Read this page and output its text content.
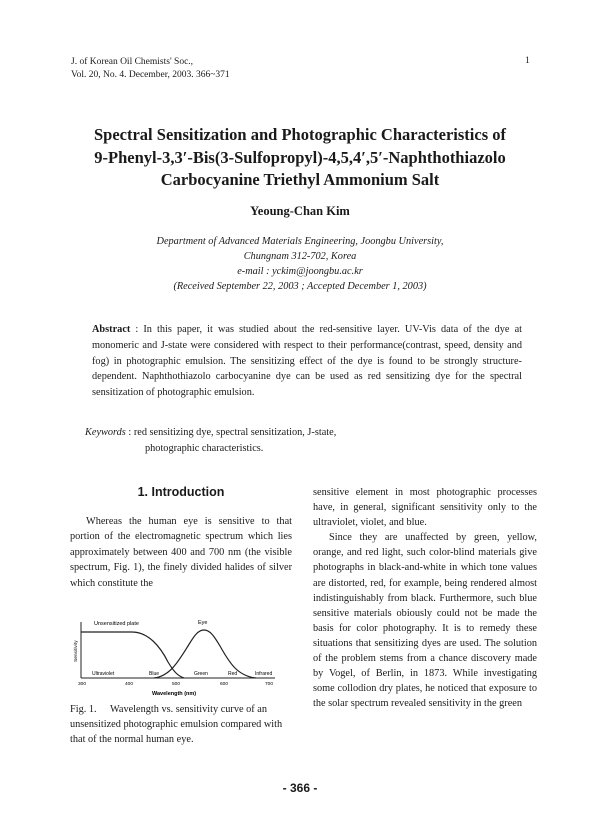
J. of Korean Oil Chemists' Soc.,
Vol. 20, No. 4. December, 2003. 366~371
1
Spectral Sensitization and Photographic Characteristics of
9-Phenyl-3,3′-Bis(3-Sulfopropyl)-4,5,4′,5′-Naphthothiazolo
Carbocyanine Triethyl Ammonium Salt
Yeoung-Chan Kim
Department of Advanced Materials Engineering, Joongbu University,
Chungnam 312-702, Korea
e-mail : yckim@joongbu.ac.kr
(Received September 22, 2003 ; Accepted December 1, 2003)
Abstract : In this paper, it was studied about the red-sensitive layer. UV-Vis data of the dye at monomeric and J-state were considered with respect to their performance(contrast, speed, density and fog) in photographic emulsion. The sensitizing effect of the dye is found to be strongly structure-dependent. Naphthothiazolo carbocyanine dye can be used as red sensitizing dye for the spectral sensitization of photographic emulsion.
Keywords : red sensitizing dye, spectral sensitization, J-state,
photographic characteristics.
1. Introduction

Whereas the human eye is sensitive to that portion of the electromagnetic spectrum which lies approximately between 400 and 700 nm (the visible spectrum, Fig. 1), the finely divided halides of silver which constitute the

Unsensitized plate	Eye
Sensitivity
Ultraviolet	Blue	Green	Red	Infrared
300	400	500	600	700
Wavelength (nm)
Fig. 1. Wavelength vs. sensitivity curve of an unsensitized photographic emulsion compared with that of the normal human eye.

sensitive element in most photographic processes have, in general, significant sensitivity only to the ultraviolet, violet, and blue.

Since they are unaffected by green, yellow, orange, and red light, such color-blind materials give photographs in black-and-white in which tone values are distorted, red, for example, being rendered almost indistinguishably from black. Furthermore, such blue sensitive materials obiously could not be made the basis for color photography. It is to remedy these situations that sensitizing dyes are used. The solution of the problem stems from a chance discovery made by Vogel, of Berlin, in 1873. While investigating some collodion dry plates, he noticed that exposure to the solar spectrum revealed sensitivity in the green

- 366 -
